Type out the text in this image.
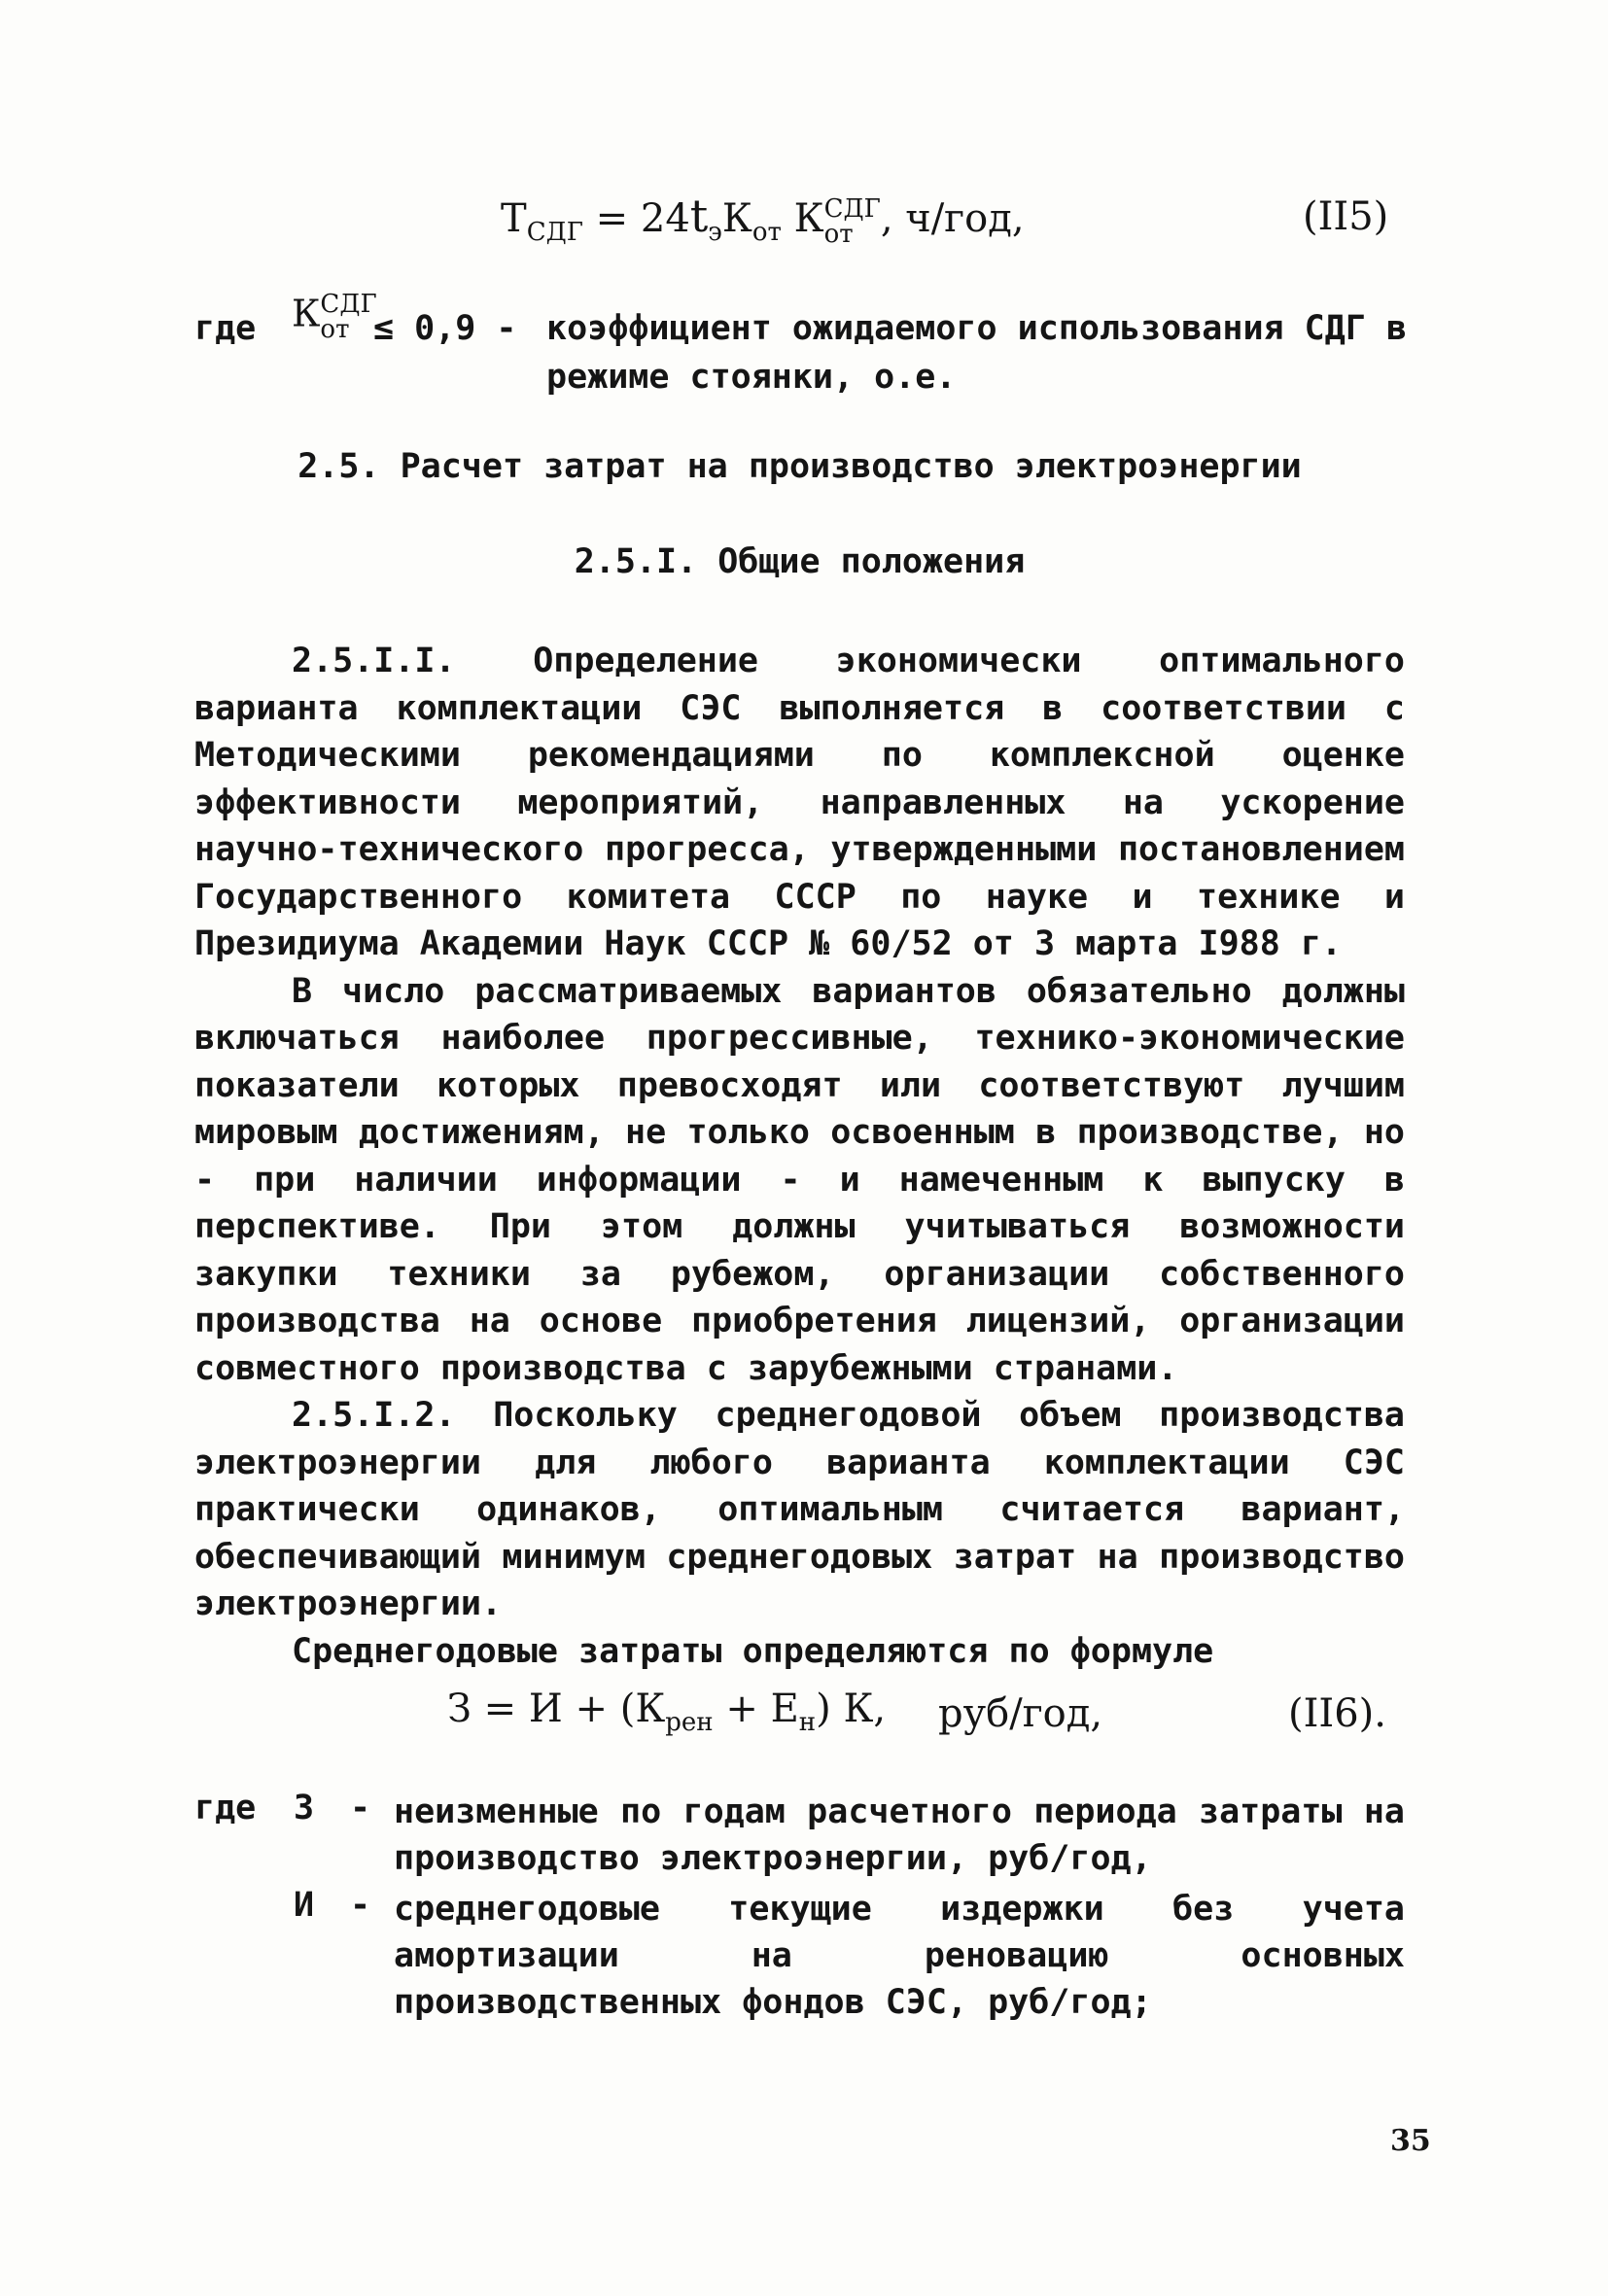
$T_{СДГ} = 24t_эК_{от}$ К СДГ
от , ч/год,	(II5)
где К СДГ
от ≤ 0,9 - коэффициент ожидаемого использования СДГ в
режиме стоянки, о.е.
2.5. Расчет затрат на производство электроэнергии
2.5.I. Общие положения

2.5.I.I. Определение экономически оптимального варианта комплектации СЭС выполняется в соответствии с Методическими рекомендациями по комплексной оценке эффективности мероприятий, направленных на ускорение научно-технического прогресса, утвержденными постановлением Государственного комитета СССР по науке и технике и Президиума Академии Наук СССР № 60/52 от 3 марта I988 г.

В число рассматриваемых вариантов обязательно должны включаться наиболее прогрессивные, технико-экономические показатели которых превосходят или соответствуют лучшим мировым достижениям, не только освоенным в производстве, но - при наличии информации - и намеченным к выпуску в перспективе. При этом должны учитываться возможности закупки техники за рубежом, организации собственного производства на основе приобретения лицензий, организации совместного производства с зарубежными странами.

2.5.I.2. Поскольку среднегодовой объем производства электроэнергии для любого варианта комплектации СЭС практически одинаков, оптимальным считается вариант, обеспечивающий минимум среднегодовых затрат на производство электроэнергии.

Среднегодовые затраты определяются по формуле

$З = И + (К_{рен} + Е_н)$ К, руб/год,	(II6).
где З - неизменные по годам расчетного периода затраты на производство электроэнергии, руб/год,
И - среднегодовые текущие издержки без учета амортизации на реновацию основных производственных фондов СЭС, руб/год;
35
